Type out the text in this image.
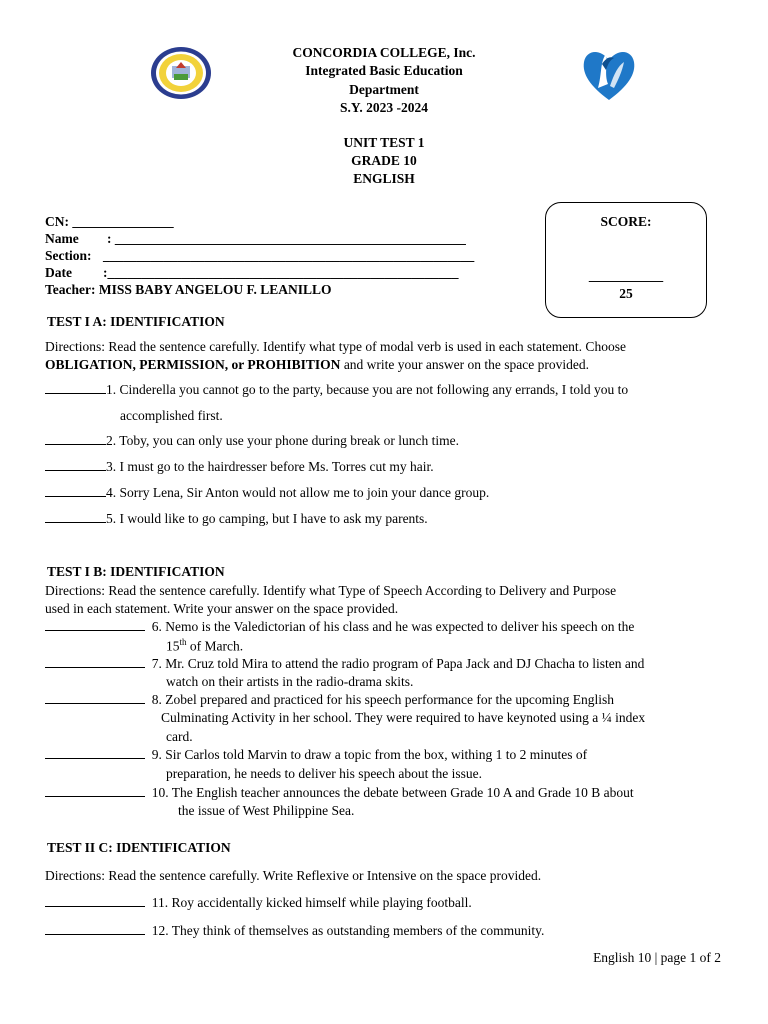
CONCORDIA COLLEGE, Inc.
Integrated Basic Education
Department
S.Y. 2023 -2024
UNIT TEST 1
GRADE 10
ENGLISH
CN: _______________
Name : ____________________________________________________
Section: _______________________________________________________
Date :____________________________________________________
Teacher: MISS BABY ANGELOU F. LEANILLO
SCORE:
___________
25
TEST I A: IDENTIFICATION
Directions: Read the sentence carefully. Identify what type of modal verb is used in each statement. Choose
OBLIGATION, PERMISSION, or PROHIBITION and write your answer on the space provided.
1. Cinderella you cannot go to the party, because you are not following any errands, I told you to
accomplished first.
2. Toby, you can only use your phone during break or lunch time.
3. I must go to the hairdresser before Ms. Torres cut my hair.
4. Sorry Lena, Sir Anton would not allow me to join your dance group.
5. I would like to go camping, but I have to ask my parents.
TEST I B: IDENTIFICATION
Directions: Read the sentence carefully. Identify what Type of Speech According to Delivery and Purpose
used in each statement. Write your answer on the space provided.
6. Nemo is the Valedictorian of his class and he was expected to deliver his speech on the
15th of March.
7. Mr. Cruz told Mira to attend the radio program of Papa Jack and DJ Chacha to listen and
watch on their artists in the radio-drama skits.
8. Zobel prepared and practiced for his speech performance for the upcoming English
Culminating Activity in her school. They were required to have keynoted using a ¼ index
card.
9. Sir Carlos told Marvin to draw a topic from the box, withing 1 to 2 minutes of
preparation, he needs to deliver his speech about the issue.
10. The English teacher announces the debate between Grade 10 A and Grade 10 B about
the issue of West Philippine Sea.
TEST II C: IDENTIFICATION
Directions: Read the sentence carefully. Write Reflexive or Intensive on the space provided.
11. Roy accidentally kicked himself while playing football.
12. They think of themselves as outstanding members of the community.
English 10 | page 1 of 2
